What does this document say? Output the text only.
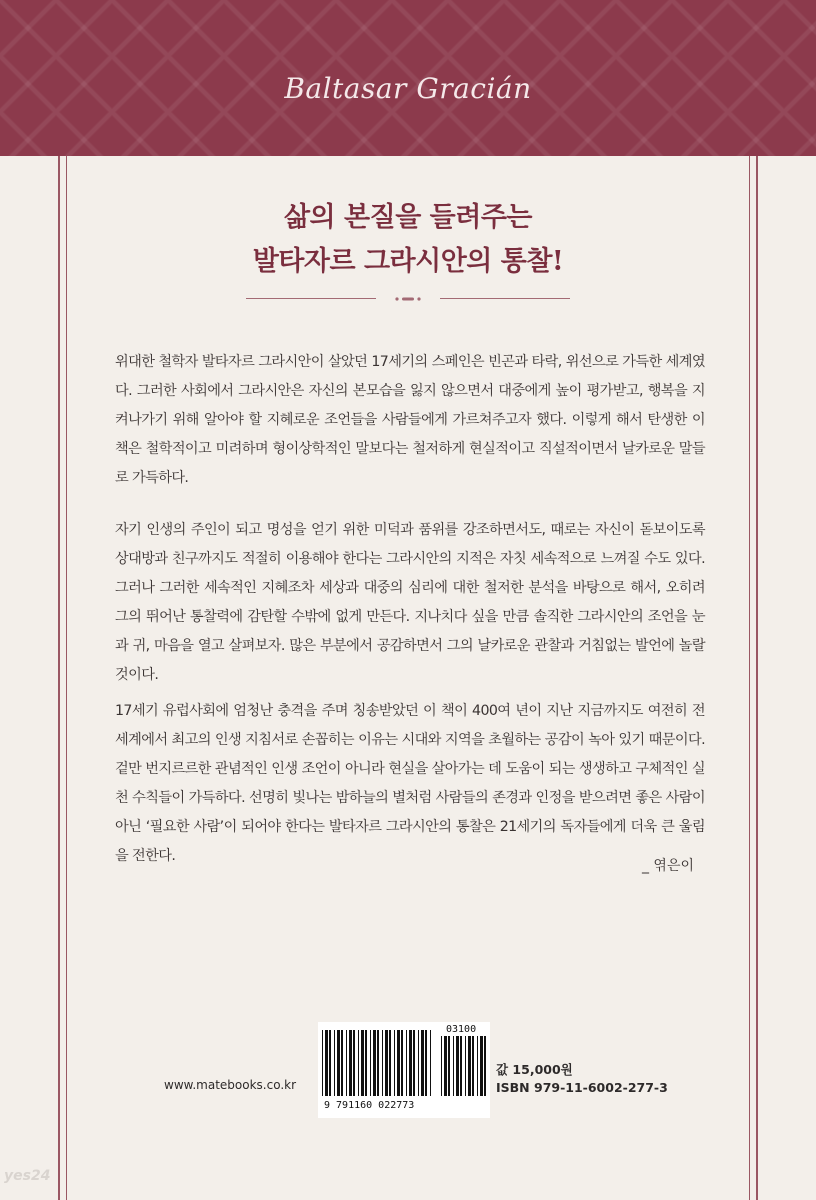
Baltasar Gracián
삶의 본질을 들려주는
발타자르 그라시안의 통찰!
위대한 철학자 발타자르 그라시안이 살았던 17세기의 스페인은 빈곤과 타락, 위선으로 가득한 세계였다. 그러한 사회에서 그라시안은 자신의 본모습을 잃지 않으면서 대중에게 높이 평가받고, 행복을 지켜나가기 위해 알아야 할 지혜로운 조언들을 사람들에게 가르쳐주고자 했다. 이렇게 해서 탄생한 이 책은 철학적이고 미려하며 형이상학적인 말보다는 철저하게 현실적이고 직설적이면서 날카로운 말들로 가득하다.
자기 인생의 주인이 되고 명성을 얻기 위한 미덕과 품위를 강조하면서도, 때로는 자신이 돋보이도록 상대방과 친구까지도 적절히 이용해야 한다는 그라시안의 지적은 자칫 세속적으로 느껴질 수도 있다. 그러나 그러한 세속적인 지혜조차 세상과 대중의 심리에 대한 철저한 분석을 바탕으로 해서, 오히려 그의 뛰어난 통찰력에 감탄할 수밖에 없게 만든다. 지나치다 싶을 만큼 솔직한 그라시안의 조언을 눈과 귀, 마음을 열고 살펴보자. 많은 부분에서 공감하면서 그의 날카로운 관찰과 거침없는 발언에 놀랄 것이다.
17세기 유럽사회에 엄청난 충격을 주며 칭송받았던 이 책이 400여 년이 지난 지금까지도 여전히 전 세계에서 최고의 인생 지침서로 손꼽히는 이유는 시대와 지역을 초월하는 공감이 녹아 있기 때문이다. 겉만 번지르르한 관념적인 인생 조언이 아니라 현실을 살아가는 데 도움이 되는 생생하고 구체적인 실천 수칙들이 가득하다. 선명히 빛나는 밤하늘의 별처럼 사람들의 존경과 인정을 받으려면 좋은 사람이 아닌 ‘필요한 사람’이 되어야 한다는 발타자르 그라시안의 통찰은 21세기의 독자들에게 더욱 큰 울림을 전한다.
_ 엮은이
9 791160 022773
03100
www.matebooks.co.kr
값 15,000원
ISBN 979-11-6002-277-3
yes24
